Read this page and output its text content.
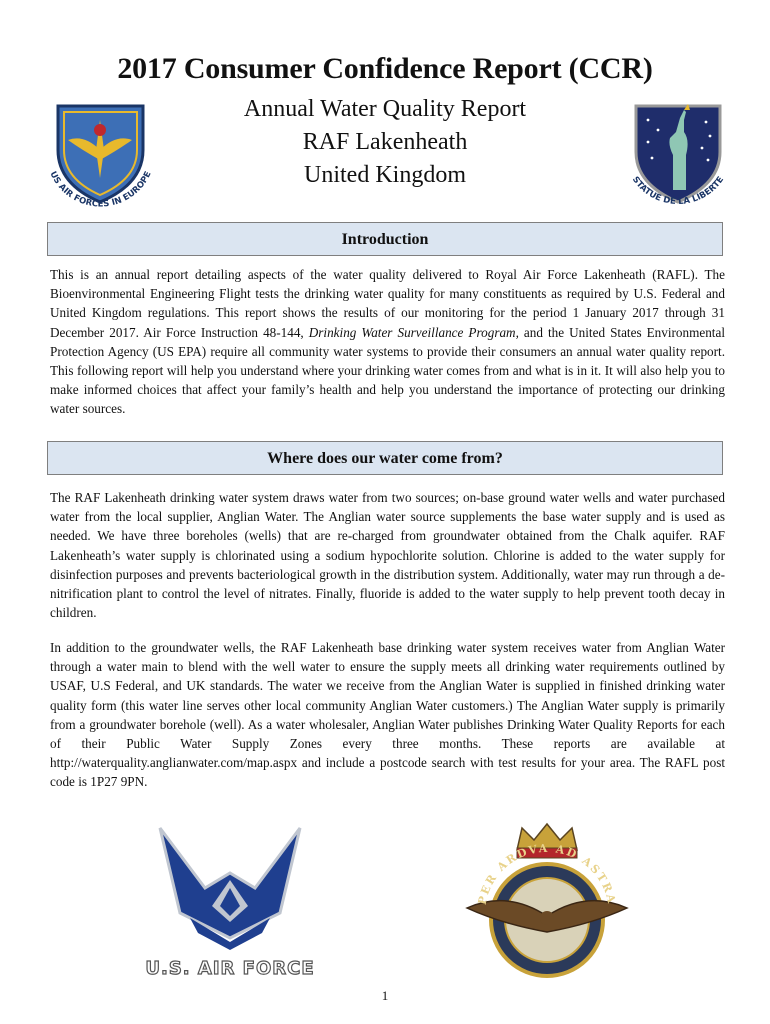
2017 Consumer Confidence Report (CCR)

Annual Water Quality Report

RAF Lakenheath

United Kingdom

US AIR FORCES IN EUROPE
STATUE DE LA LIBERTE
Introduction

This is an annual report detailing aspects of the water quality delivered to Royal Air Force Lakenheath (RAFL). The Bioenvironmental Engineering Flight tests the drinking water quality for many constituents as required by U.S. Federal and United Kingdom regulations. This report shows the results of our monitoring for the period 1 January 2017 through 31 December 2017. Air Force Instruction 48-144, Drinking Water Surveillance Program, and the United States Environmental Protection Agency (US EPA) require all community water systems to provide their consumers an annual water quality report. This following report will help you understand where your drinking water comes from and what is in it. It will also help you to make informed choices that affect your family’s health and help you understand the importance of protecting our drinking water sources.

Where does our water come from?

The RAF Lakenheath drinking water system draws water from two sources; on-base ground water wells and water purchased water from the local supplier, Anglian Water. The Anglian water source supplements the base water supply and is used as needed. We have three boreholes (wells) that are re-charged from groundwater obtained from the Chalk aquifer. RAF Lakenheath’s water supply is chlorinated using a sodium hypochlorite solution. Chlorine is added to the water supply for disinfection purposes and prevents bacteriological growth in the distribution system. Additionally, water may run through a de-nitrification plant to control the level of nitrates. Finally, fluoride is added to the water supply to help prevent tooth decay in children.

In addition to the groundwater wells, the RAF Lakenheath base drinking water system receives water from Anglian Water through a water main to blend with the well water to ensure the supply meets all drinking water requirements outlined by USAF, U.S Federal, and UK standards. The water we receive from the Anglian Water is supplied in finished drinking water quality form (this water line serves other local community Anglian Water customers.) The Anglian Water supply is primarily from a groundwater borehole (well). As a water wholesaler, Anglian Water publishes Drinking Water Quality Reports for each of their Public Water Supply Zones every three months. These reports are available at http://waterquality.anglianwater.com/map.aspx and include a postcode search with test results for your area. The RAFL post code is 1P27 9PN.

U.S. AIR FORCE
PER ARDVA AD ASTRA
1
